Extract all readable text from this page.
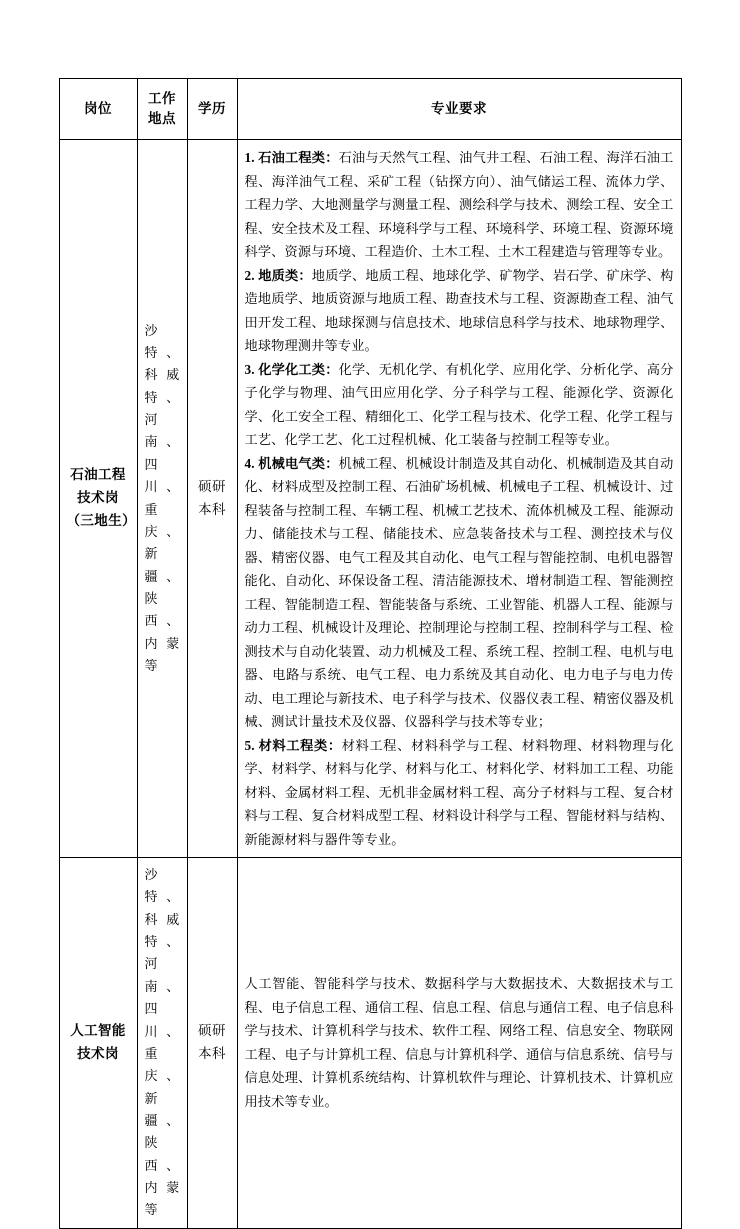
岗位	工作地点	学历	专业要求
石油工程技术岗（三地生）	沙特、科威特、河南、四川、重庆、新疆、陕西、内蒙等	硕研本科	1. 石油工程类：石油与天然气工程、油气井工程、石油工程、海洋石油工程、海洋油气工程、采矿工程（钻探方向）、油气储运工程、流体力学、工程力学、大地测量学与测量工程、测绘科学与技术、测绘工程、安全工程、安全技术及工程、环境科学与工程、环境科学、环境工程、资源环境科学、资源与环境、工程造价、土木工程、土木工程建造与管理等专业。

2. 地质类：地质学、地质工程、地球化学、矿物学、岩石学、矿床学、构造地质学、地质资源与地质工程、勘查技术与工程、资源勘查工程、油气田开发工程、地球探测与信息技术、地球信息科学与技术、地球物理学、地球物理测井等专业。

3. 化学化工类：化学、无机化学、有机化学、应用化学、分析化学、高分子化学与物理、油气田应用化学、分子科学与工程、能源化学、资源化学、化工安全工程、精细化工、化学工程与技术、化学工程、化学工程与工艺、化学工艺、化工过程机械、化工装备与控制工程等专业。

4. 机械电气类：机械工程、机械设计制造及其自动化、机械制造及其自动化、材料成型及控制工程、石油矿场机械、机械电子工程、机械设计、过程装备与控制工程、车辆工程、机械工艺技术、流体机械及工程、能源动力、储能技术与工程、储能技术、应急装备技术与工程、测控技术与仪器、精密仪器、电气工程及其自动化、电气工程与智能控制、电机电器智能化、自动化、环保设备工程、清洁能源技术、增材制造工程、智能测控工程、智能制造工程、智能装备与系统、工业智能、机器人工程、能源与动力工程、机械设计及理论、控制理论与控制工程、控制科学与工程、检测技术与自动化装置、动力机械及工程、系统工程、控制工程、电机与电器、电路与系统、电气工程、电力系统及其自动化、电力电子与电力传动、电工理论与新技术、电子科学与技术、仪器仪表工程、精密仪器及机械、测试计量技术及仪器、仪器科学与技术等专业；

5. 材料工程类：材料工程、材料科学与工程、材料物理、材料物理与化学、材料学、材料与化学、材料与化工、材料化学、材料加工工程、功能材料、金属材料工程、无机非金属材料工程、高分子材料与工程、复合材料与工程、复合材料成型工程、材料设计科学与工程、智能材料与结构、新能源材料与器件等专业。

人工智能技术岗	沙特、科威特、河南、四川、重庆、新疆、陕西、内蒙等	硕研本科	人工智能、智能科学与技术、数据科学与大数据技术、大数据技术与工程、电子信息工程、通信工程、信息工程、信息与通信工程、电子信息科学与技术、计算机科学与技术、软件工程、网络工程、信息安全、物联网工程、电子与计算机工程、信息与计算机科学、通信与信息系统、信号与信息处理、计算机系统结构、计算机软件与理论、计算机技术、计算机应用技术等专业。
